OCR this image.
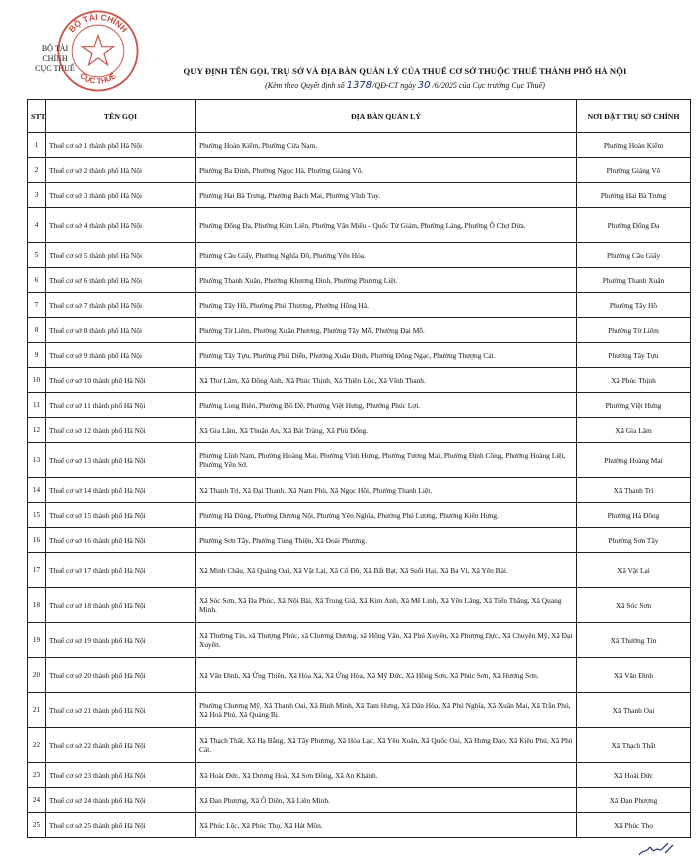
BỘ TÀI CHÍNH
CỤC THUẾ
BỘ TÀI CHÍNH
CỤC THUẾ
QUY ĐỊNH TÊN GỌI, TRỤ SỞ VÀ ĐỊA BÀN QUẢN LÝ CỦA THUẾ CƠ SỞ THUỘC THUẾ THÀNH PHỐ HÀ NỘI
(Kèm theo Quyết định số 1378/QĐ-CT ngày 30 /6/2025 của Cục trưởng Cục Thuế)
STT	TÊN GỌI	ĐỊA BÀN QUẢN LÝ	NƠI ĐẶT TRỤ SỞ CHÍNH
1	Thuế cơ sở 1 thành phố Hà Nội	Phường Hoàn Kiếm, Phường Cửa Nam.	Phường Hoàn Kiếm
2	Thuế cơ sở 2 thành phố Hà Nội	Phường Ba Đình, Phường Ngọc Hà, Phường Giảng Võ.	Phường Giảng Võ
3	Thuế cơ sở 3 thành phố Hà Nội	Phường Hai Bà Trưng, Phường Bạch Mai, Phường Vĩnh Tuy.	Phường Hai Bà Trưng
4	Thuế cơ sở 4 thành phố Hà Nội	Phường Đống Đa, Phường Kim Liên, Phường Văn Miếu - Quốc Tử Giám, Phường Láng, Phường Ô Chợ Dừa.	Phường Đống Đa
5	Thuế cơ sở 5 thành phố Hà Nội	Phường Cầu Giấy, Phường Nghĩa Đô, Phường Yên Hòa.	Phường Cầu Giấy
6	Thuế cơ sở 6 thành phố Hà Nội	Phường Thanh Xuân, Phường Khương Đình, Phường Phương Liệt.	Phường Thanh Xuân
7	Thuế cơ sở 7 thành phố Hà Nội	Phường Tây Hồ, Phường Phú Thượng, Phường Hồng Hà.	Phường Tây Hồ
8	Thuế cơ sở 8 thành phố Hà Nội	Phường Từ Liêm, Phường Xuân Phương, Phường Tây Mỗ, Phường Đại Mỗ.	Phường Từ Liêm
9	Thuế cơ sở 9 thành phố Hà Nội	Phường Tây Tựu, Phường Phú Diễn, Phường Xuân Đỉnh, Phường Đông Ngạc, Phường Thượng Cát.	Phường Tây Tựu
10	Thuế cơ sở 10 thành phố Hà Nội	Xã Thư Lâm, Xã Đông Anh, Xã Phúc Thịnh, Xã Thiên Lộc, Xã Vĩnh Thanh.	Xã Phúc Thịnh
11	Thuế cơ sở 11 thành phố Hà Nội	Phường Long Biên, Phường Bồ Đề, Phường Việt Hưng, Phường Phúc Lợi.	Phường Việt Hưng
12	Thuế cơ sở 12 thành phố Hà Nội	Xã Gia Lâm, Xã Thuận An, Xã Bát Tràng, Xã Phù Đổng.	Xã Gia Lâm
13	Thuế cơ sở 13 thành phố Hà Nội	Phường Lĩnh Nam, Phường Hoàng Mai, Phường Vĩnh Hưng, Phường Tương Mai, Phường Định Công, Phường Hoàng Liệt, Phường Yên Sở.	Phường Hoàng Mai
14	Thuế cơ sở 14 thành phố Hà Nội	Xã Thanh Trì, Xã Đại Thanh, Xã Nam Phù, Xã Ngọc Hồi, Phường Thanh Liệt.	Xã Thanh Trì
15	Thuế cơ sở 15 thành phố Hà Nội	Phường Hà Đông, Phường Dương Nội, Phường Yên Nghĩa, Phường Phú Lương, Phường Kiến Hưng.	Phường Hà Đông
16	Thuế cơ sở 16 thành phố Hà Nội	Phường Sơn Tây, Phường Tùng Thiện, Xã Đoài Phương.	Phường Sơn Tây
17	Thuế cơ sở 17 thành phố Hà Nội	Xã Minh Châu, Xã Quảng Oai, Xã Vật Lại, Xã Cổ Đô, Xã Bất Bạt, Xã Suối Hai, Xã Ba Vì, Xã Yên Bài.	Xã Vật Lại
18	Thuế cơ sở 18 thành phố Hà Nội	Xã Sóc Sơn, Xã Đa Phúc, Xã Nội Bài, Xã Trung Giã, Xã Kim Anh, Xã Mê Linh, Xã Yên Lãng, Xã Tiến Thắng, Xã Quang Minh.	Xã Sóc Sơn
19	Thuế cơ sở 19 thành phố Hà Nội	Xã Thường Tín, xã Thượng Phúc, xã Chương Dương, xã Hồng Vân, Xã Phú Xuyên, Xã Phượng Dực, Xã Chuyên Mỹ, Xã Đại Xuyên.	Xã Thường Tín
20	Thuế cơ sở 20 thành phố Hà Nội	Xã Vân Đình, Xã Ứng Thiên, Xã Hòa Xá, Xã Ứng Hòa, Xã Mỹ Đức, Xã Hồng Sơn, Xã Phúc Sơn, Xã Hương Sơn.	Xã Vân Đình
21	Thuế cơ sở 21 thành phố Hà Nội	Phường Chương Mỹ, Xã Thanh Oai, Xã Bình Minh, Xã Tam Hưng, Xã Dân Hòa, Xã Phú Nghĩa, Xã Xuân Mai, Xã Trần Phú, Xã Hoà Phú, Xã Quảng Bị.	Xã Thanh Oai
22	Thuế cơ sở 22 thành phố Hà Nội	Xã Thạch Thất, Xã Hạ Bằng, Xã Tây Phương, Xã Hòa Lạc, Xã Yên Xuân, Xã Quốc Oai, Xã Hưng Đạo, Xã Kiều Phú, Xã Phú Cát.	Xã Thạch Thất
23	Thuế cơ sở 23 thành phố Hà Nội	Xã Hoài Đức, Xã Dương Hoà, Xã Sơn Đồng, Xã An Khánh.	Xã Hoài Đức
24	Thuế cơ sở 24 thành phố Hà Nội	Xã Đan Phượng, Xã Ô Diên, Xã Liên Minh.	Xã Đan Phượng
25	Thuế cơ sở 25 thành phố Hà Nội	Xã Phúc Lộc, Xã Phúc Thọ, Xã Hát Môn.	Xã Phúc Thọ
